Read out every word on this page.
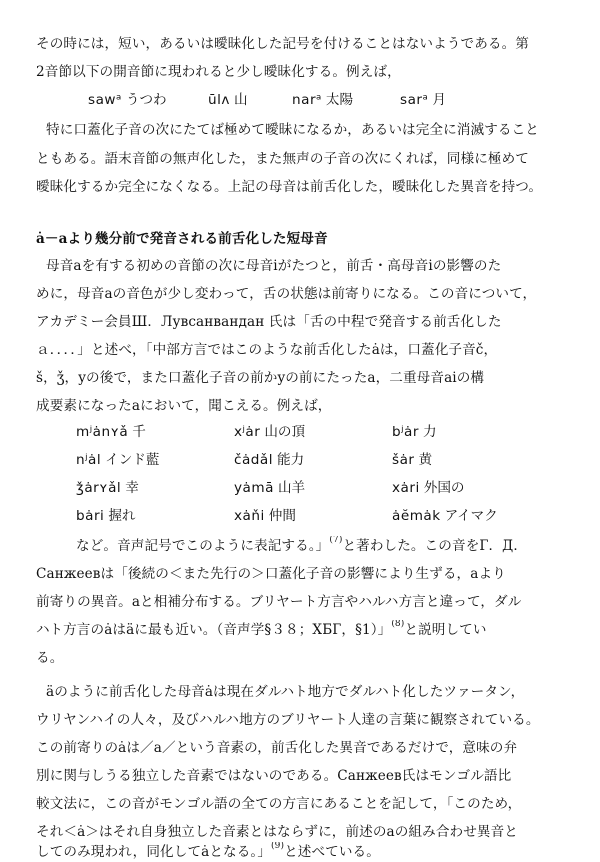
その時には，短い，あるいは曖昧化した記号を付けることはないようである。第
2音節以下の開音節に現われると少し曖昧化する。例えば，
sawᵃ うつわ	ūlʌ 山	narᵃ 太陽	sarᵃ 月
特に口蓋化子音の次にたてば極めて曖昧になるか，あるいは完全に消滅すること
ともある。語末音節の無声化した，また無声の子音の次にくれば，同様に極めて
曖昧化するか完全になくなる。上記の母音は前舌化した，曖昧化した異音を持つ。
ȧ－aより幾分前で発音される前舌化した短母音
母音aを有する初めの音節の次に母音iがたつと，前舌・高母音iの影響のた
めに，母音aの音色が少し変わって，舌の状態は前寄りになる。この音について，
アカデミー会員Ш．Лувсанвандан 氏は「舌の中程で発音する前舌化した
ａ．．．．」と述べ，「中部方言ではこのような前舌化したȧは，口蓋化子音č，
š，ǯ，yの後で，また口蓋化子音の前かyの前にたったa，二重母音aiの構
成要素になったaにおいて，聞こえる。例えば，
mʲȧnʏǎ 千	xʲȧr 山の頂	bʲȧr 力
nʲȧl インド藍	čȧdǎl 能力	šȧr 黄
ǯȧrʏǎl 幸	yȧmā 山羊	xȧri 外国の
bȧri 握れ	xȧňi 仲間	ȧĕmȧk アイマク
など。音声記号でこのように表記する。」$^{(7)}$と著わした。この音をГ．Д．
Санжеевは「後続の＜また先行の＞口蓋化子音の影響により生ずる，aより
前寄りの異音。aと相補分布する。ブリヤート方言やハルハ方言と違って，ダル
ハト方言のȧはäに最も近い。（音声学§３８；ХБГ，§1）」$^{(8)}$と説明してい
る。
äのように前舌化した母音ȧは現在ダルハト地方でダルハト化したツァータン，
ウリヤンハイの人々，及びハルハ地方のブリヤート人達の言葉に観察されている。
この前寄りのȧは／a／という音素の，前舌化した異音であるだけで，意味の弁
別に関与しうる独立した音素ではないのである。Санжеев氏はモンゴル語比
較文法に，この音がモンゴル語の全ての方言にあることを記して，「このため，
それ＜ȧ＞はそれ自身独立した音素とはならずに，前述のaの組み合わせ異音と
してのみ現われ，同化してȧとなる。」$^{(9)}$と述べている。
